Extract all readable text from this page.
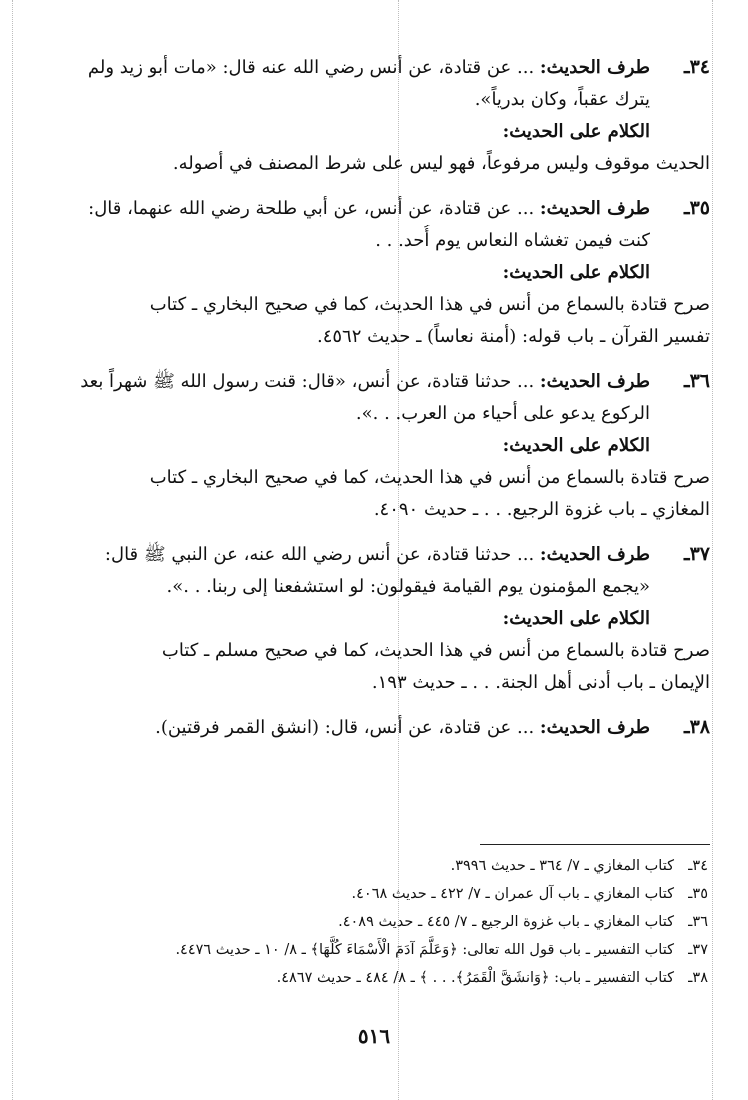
٣٤ـ
طرف الحديث: ... عن قتادة، عن أنس رضي الله عنه قال: «مات أبو زيد ولم
يترك عقباً، وكان بدرياً».
الكلام على الحديث:
الحديث موقوف وليس مرفوعاً، فهو ليس على شرط المصنف في أصوله.
٣٥ـ
طرف الحديث: ... عن قتادة، عن أنس، عن أبي طلحة رضي الله عنهما، قال:
كنت فيمن تغشاه النعاس يوم أُحد. . .
الكلام على الحديث:
صرح قتادة بالسماع من أنس في هذا الحديث، كما في صحيح البخاري ـ كتاب
تفسير القرآن ـ باب قوله: (أمنة نعاساً) ـ حديث ٤٥٦٢.
٣٦ـ
طرف الحديث: ... حدثنا قتادة، عن أنس، «قال: قنت رسول الله ﷺ شهراً بعد
الركوع يدعو على أحياء من العرب. . .».
الكلام على الحديث:
صرح قتادة بالسماع من أنس في هذا الحديث، كما في صحيح البخاري ـ كتاب
المغازي ـ باب غزوة الرجيع. . . ـ حديث ٤٠٩٠.
٣٧ـ
طرف الحديث: ... حدثنا قتادة، عن أنس رضي الله عنه، عن النبي ﷺ قال:
«يجمع المؤمنون يوم القيامة فيقولون: لو استشفعنا إلى ربنا. . .».
الكلام على الحديث:
صرح قتادة بالسماع من أنس في هذا الحديث، كما في صحيح مسلم ـ كتاب
الإيمان ـ باب أدنى أهل الجنة. . . ـ حديث ١٩٣.
٣٨ـ
طرف الحديث: ... عن قتادة، عن أنس، قال: (انشق القمر فرقتين).
٣٤ـكتاب المغازي ـ ٧/ ٣٦٤ ـ حديث ٣٩٩٦.
٣٥ـكتاب المغازي ـ باب آل عمران ـ ٧/ ٤٢٢ ـ حديث ٤٠٦٨.
٣٦ـكتاب المغازي ـ باب غزوة الرجيع ـ ٧/ ٤٤٥ ـ حديث ٤٠٨٩.
٣٧ـكتاب التفسير ـ باب قول الله تعالى: ﴿وَعَلَّمَ آدَمَ الْأَسْمَاءَ كُلَّهَا﴾ ـ ٨/ ١٠ ـ حديث ٤٤٧٦.
٣٨ـكتاب التفسير ـ باب: ﴿وَانشَقَّ الْقَمَرُ﴾. . . ﴾ ـ ٨/ ٤٨٤ ـ حديث ٤٨٦٧.
٥١٦
